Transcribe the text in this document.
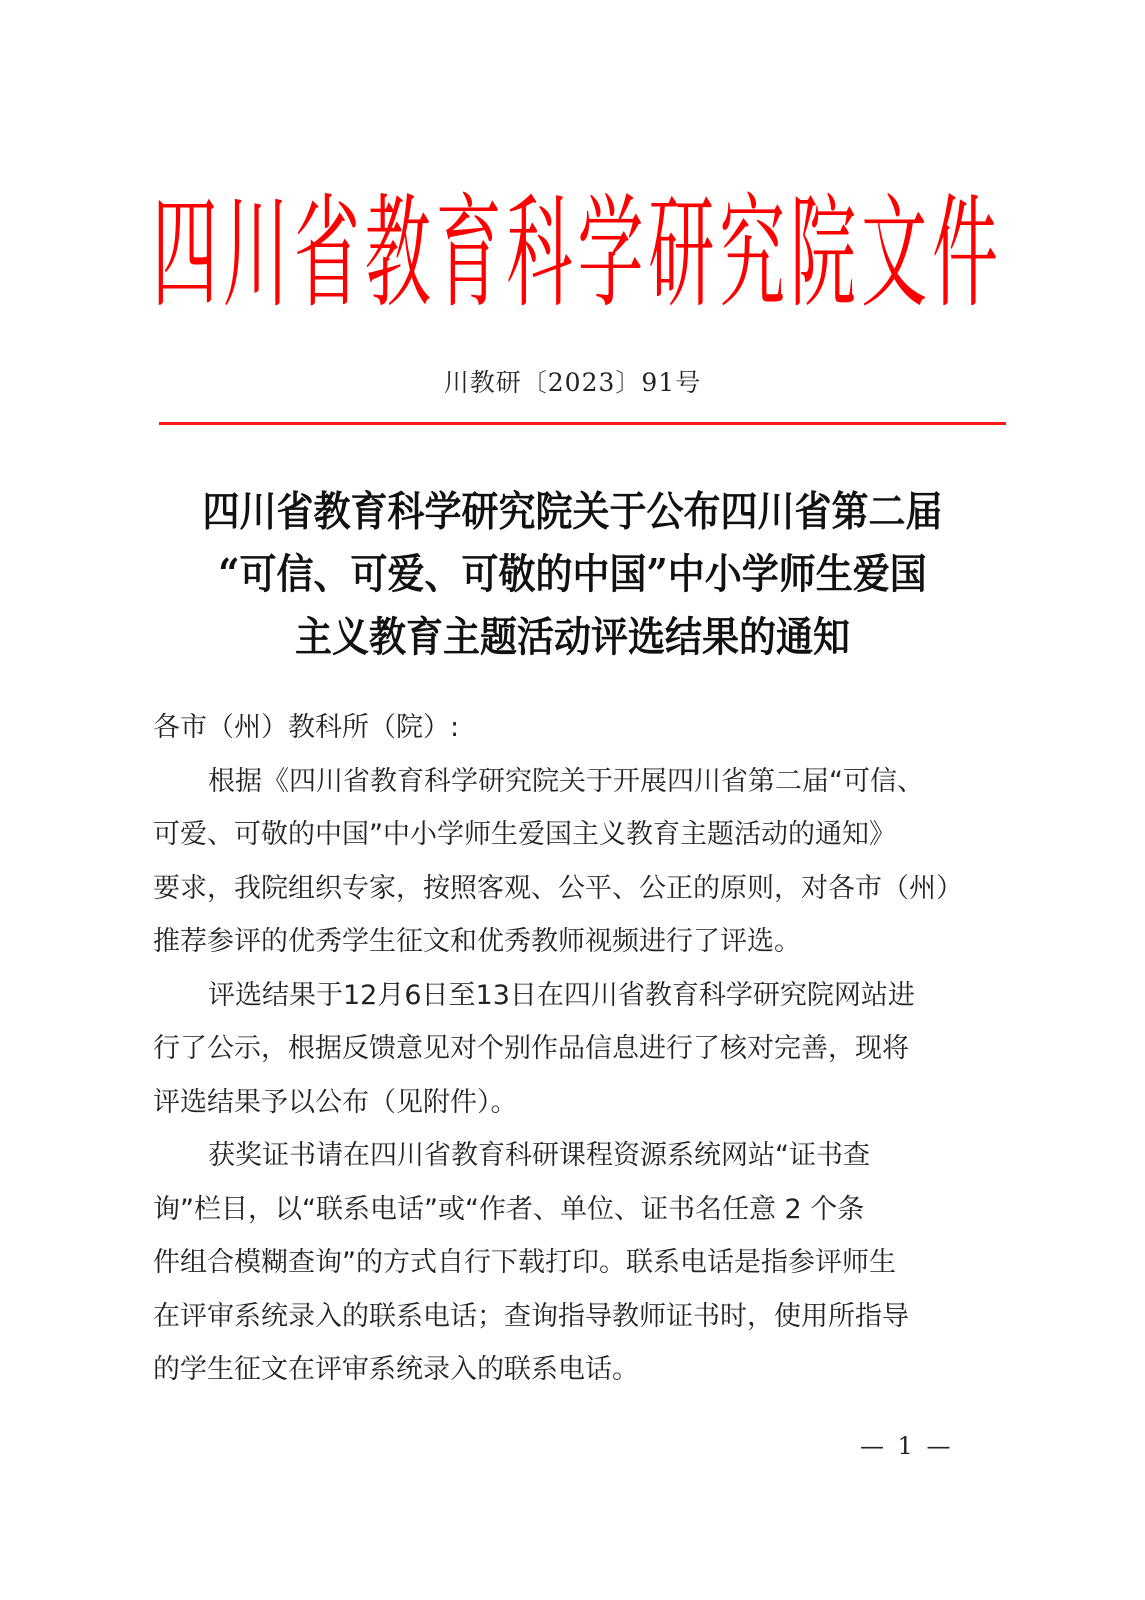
四 川 省 教 育 科 学 研 究 院 文 件
川教研〔2023〕91号
四川省教育科学研究院关于公布四川省第二届
“可信、可爱、可敬的中国”中小学师生爱国
主义教育主题活动评选结果的通知

各市（州）教科所（院）:

根据《四川省教育科学研究院关于开展四川省第二届“可信、
可爱、可敬的中国”中小学师生爱国主义教育主题活动的通知》
要求，我院组织专家，按照客观、公平、公正的原则，对各市（州）
推荐参评的优秀学生征文和优秀教师视频进行了评选。

评选结果于12月6日至13日在四川省教育科学研究院网站进
行了公示，根据反馈意见对个别作品信息进行了核对完善，现将
评选结果予以公布（见附件）。

获奖证书请在四川省教育科研课程资源系统网站“证书查
询”栏目，以“联系电话”或“作者、单位、证书名任意 2 个条
件组合模糊查询”的方式自行下载打印。联系电话是指参评师生
在评审系统录入的联系电话；查询指导教师证书时，使用所指导
的学生征文在评审系统录入的联系电话。

— 1 —
